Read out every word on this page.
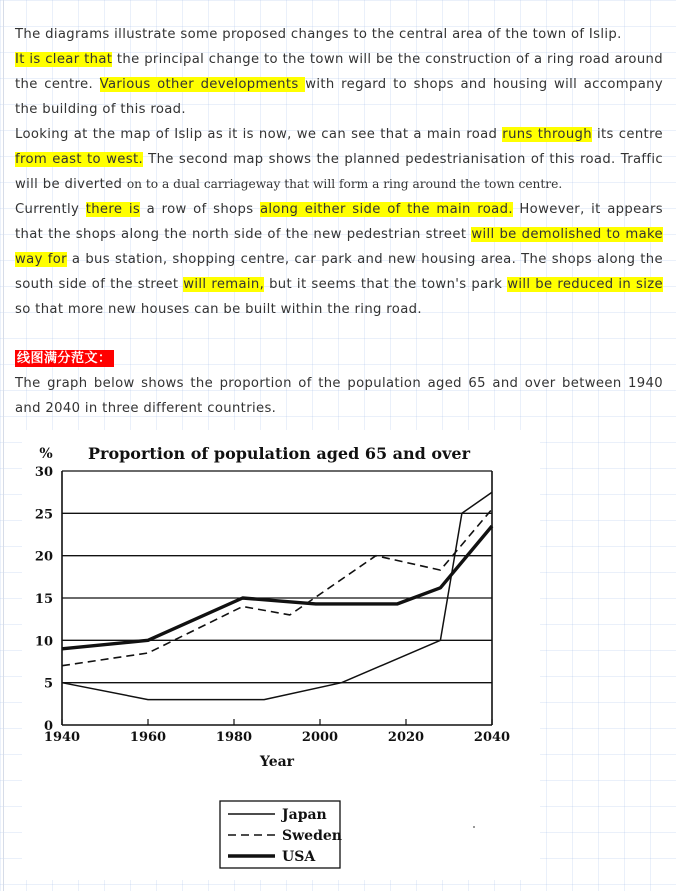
The diagrams illustrate some proposed changes to the central area of the town of Islip.

It is clear that the principal change to the town will be the construction of a ring road around the centre. Various other developments with regard to shops and housing will accompany the building of this road.

Looking at the map of Islip as it is now, we can see that a main road runs through its centre from east to west. The second map shows the planned pedestrianisation of this road. Traffic will be diverted on to a dual carriageway that will form a ring around the town centre.

Currently there is a row of shops along either side of the main road. However, it appears that the shops along the north side of the new pedestrian street will be demolished to make way for a bus station, shopping centre, car park and new housing area. The shops along the south side of the street will remain, but it seems that the town's park will be reduced in size so that more new houses can be built within the ring road.

线图满分范文：

The graph below shows the proportion of the population aged 65 and over between 1940 and 2040 in three different countries.

Proportion of population aged 65 and over
%
0
5
10
15
20
25
30
1940	1960	1980	2000	2020	2040
Year
Japan
Sweden
USA
